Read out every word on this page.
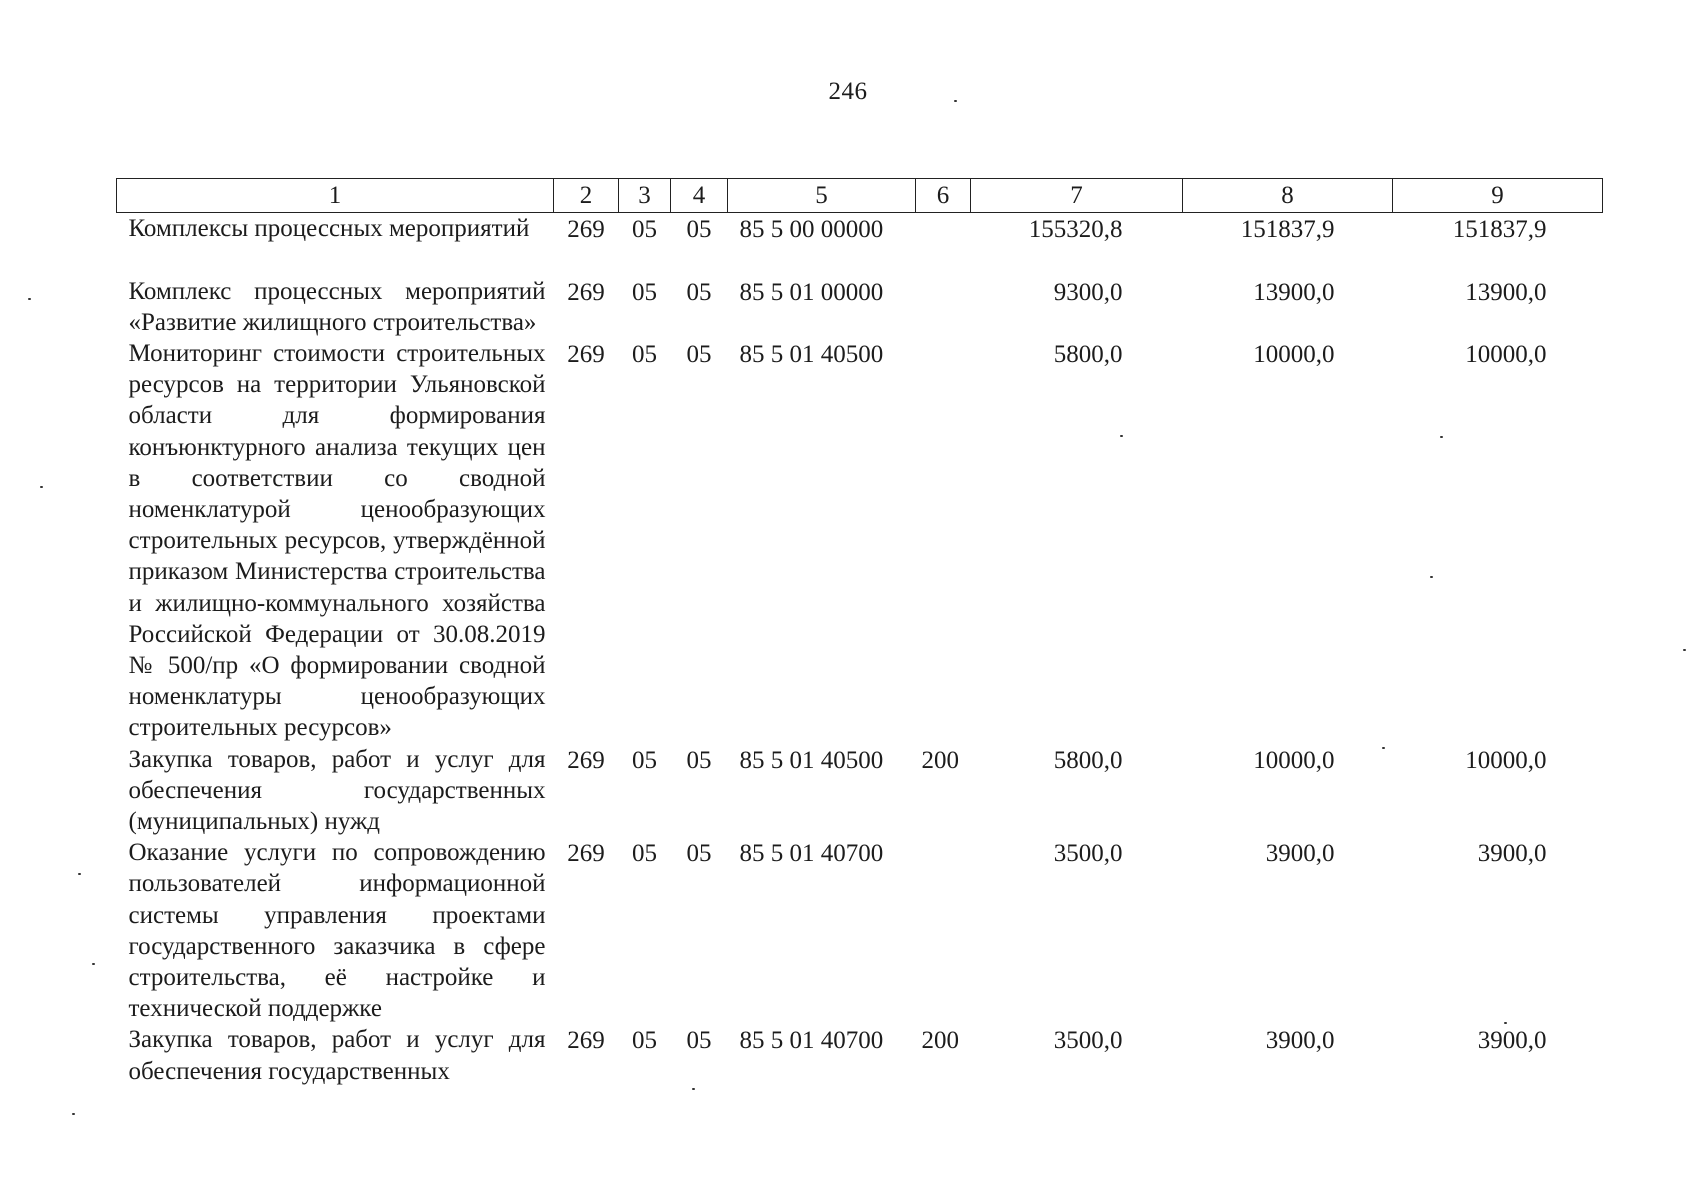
246
1	2	3	4	5	6	7	8	9
Комплексы процессных мероприятий	269	05	05	85 5 00 00000		155320,8	151837,9	151837,9
Комплекс процессных мероприятий «Развитие жилищного строительства»	269	05	05	85 5 01 00000		9300,0	13900,0	13900,0
Мониторинг стоимости строительных ресурсов на территории Ульяновской области для формирования конъюнктурного анализа текущих цен в соответствии со сводной номенклатурой ценообразующих строительных ресурсов, утверждённой приказом Министерства строительства и жилищно-коммунального хозяйства Российской Федерации от 30.08.2019 № 500/пр «О формировании сводной номенклатуры ценообразующих строительных ресурсов»	269	05	05	85 5 01 40500		5800,0	10000,0	10000,0
Закупка товаров, работ и услуг для обеспечения государственных (муниципальных) нужд	269	05	05	85 5 01 40500	200	5800,0	10000,0	10000,0
Оказание услуги по сопровождению пользователей информационной системы управления проектами государственного заказчика в сфере строительства, её настройке и технической поддержке	269	05	05	85 5 01 40700		3500,0	3900,0	3900,0
Закупка товаров, работ и услуг для обеспечения государственных	269	05	05	85 5 01 40700	200	3500,0	3900,0	3900,0
